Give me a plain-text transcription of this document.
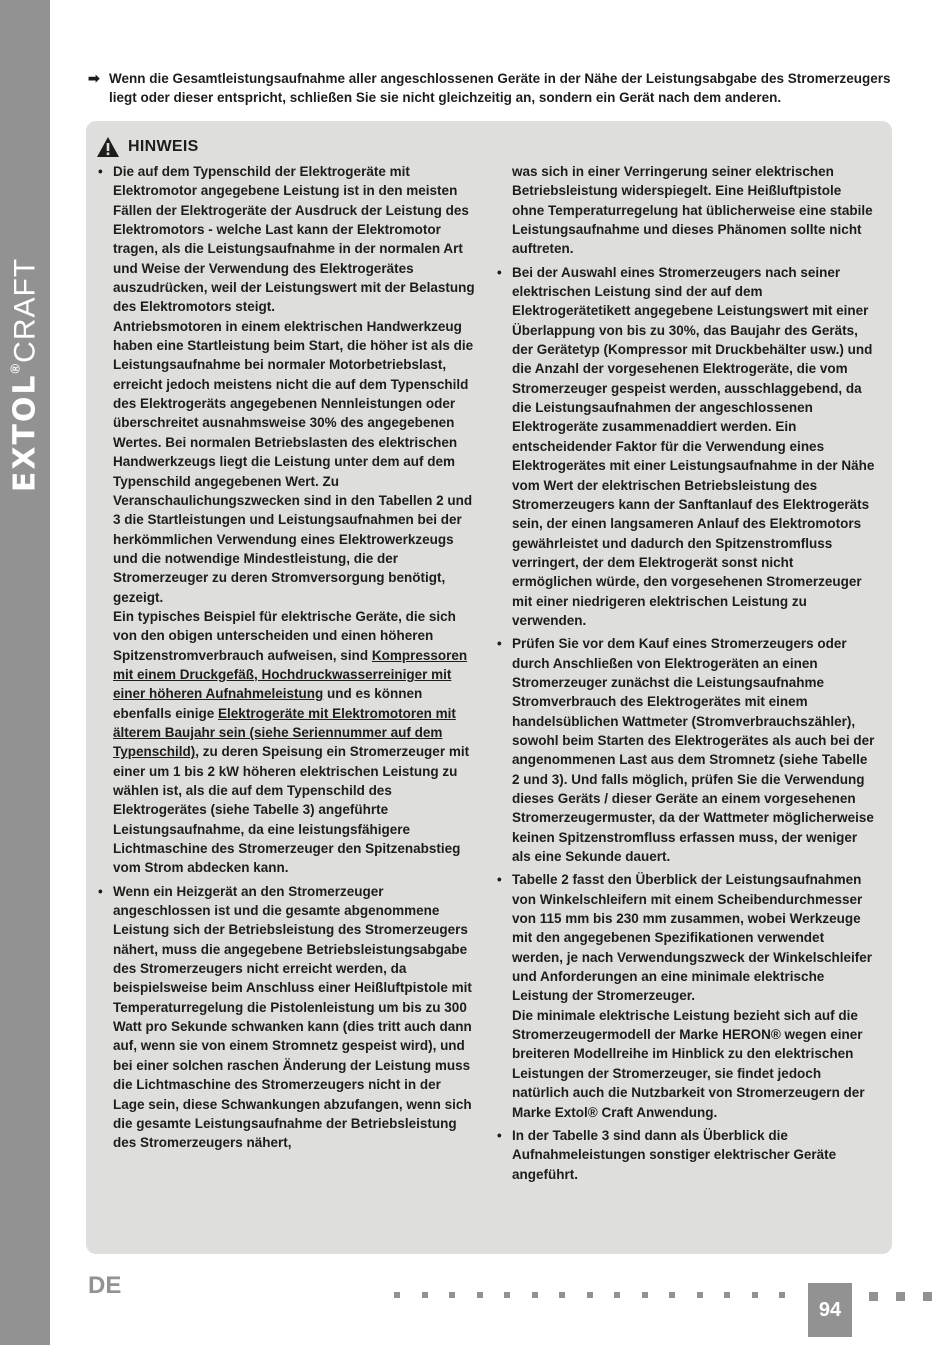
EXTOL®CRAFT
➡ Wenn die Gesamtleistungsaufnahme aller angeschlossenen Geräte in der Nähe der Leistungsabgabe des Stromerzeugers liegt oder dieser entspricht, schließen Sie sie nicht gleichzeitig an, sondern ein Gerät nach dem anderen.
HINWEIS

• Die auf dem Typenschild der Elektrogeräte mit Elektromotor angegebene Leistung ist in den meisten Fällen der Elektrogeräte der Ausdruck der Leistung des Elektromotors - welche Last kann der Elektromotor tragen, als die Leistungsaufnahme in der normalen Art und Weise der Verwendung des Elektrogerätes auszudrücken, weil der Leistungswert mit der Belastung des Elektromotors steigt.
Antriebsmotoren in einem elektrischen Handwerkzeug haben eine Startleistung beim Start, die höher ist als die Leistungsaufnahme bei normaler Motorbetriebslast, erreicht jedoch meistens nicht die auf dem Typenschild des Elektrogeräts angegebenen Nennleistungen oder überschreitet ausnahmsweise 30% des angegebenen Wertes. Bei normalen Betriebslasten des elektrischen Handwerkzeugs liegt die Leistung unter dem auf dem Typenschild angegebenen Wert. Zu Veranschaulichungszwecken sind in den Tabellen 2 und 3 die Startleistungen und Leistungsaufnahmen bei der herkömmlichen Verwendung eines Elektrowerkzeugs und die notwendige Mindestleistung, die der Stromerzeuger zu deren Stromversorgung benötigt, gezeigt.
Ein typisches Beispiel für elektrische Geräte, die sich von den obigen unterscheiden und einen höheren Spitzenstromverbrauch aufweisen, sind Kompressoren mit einem Druckgefäß, Hochdruckwasserreiniger mit einer höheren Aufnahmeleistung und es können ebenfalls einige Elektrogeräte mit Elektromotoren mit älterem Baujahr sein (siehe Seriennummer auf dem Typenschild), zu deren Speisung ein Stromerzeuger mit einer um 1 bis 2 kW höheren elektrischen Leistung zu wählen ist, als die auf dem Typenschild des Elektrogerätes (siehe Tabelle 3) angeführte Leistungsaufnahme, da eine leistungsfähigere Lichtmaschine des Stromerzeuger den Spitzenabstieg vom Strom abdecken kann.

• Wenn ein Heizgerät an den Stromerzeuger angeschlossen ist und die gesamte abgenommene Leistung sich der Betriebsleistung des Stromerzeugers nähert, muss die angegebene Betriebsleistungsabgabe des Stromerzeugers nicht erreicht werden, da beispielsweise beim Anschluss einer Heißluftpistole mit Temperaturregelung die Pistolenleistung um bis zu 300 Watt pro Sekunde schwanken kann (dies tritt auch dann auf, wenn sie von einem Stromnetz gespeist wird), und bei einer solchen raschen Änderung der Leistung muss die Lichtmaschine des Stromerzeugers nicht in der Lage sein, diese Schwankungen abzufangen, wenn sich die gesamte Leistungsaufnahme der Betriebsleistung des Stromerzeugers nähert,

was sich in einer Verringerung seiner elektrischen Betriebsleistung widerspiegelt. Eine Heißluftpistole ohne Temperaturregelung hat üblicherweise eine stabile Leistungsaufnahme und dieses Phänomen sollte nicht auftreten.

• Bei der Auswahl eines Stromerzeugers nach seiner elektrischen Leistung sind der auf dem Elektrogerätetikett angegebene Leistungswert mit einer Überlappung von bis zu 30%, das Baujahr des Geräts, der Gerätetyp (Kompressor mit Druckbehälter usw.) und die Anzahl der vorgesehenen Elektrogeräte, die vom Stromerzeuger gespeist werden, ausschlaggebend, da die Leistungsaufnahmen der angeschlossenen Elektrogeräte zusammenaddiert werden. Ein entscheidender Faktor für die Verwendung eines Elektrogerätes mit einer Leistungsaufnahme in der Nähe vom Wert der elektrischen Betriebsleistung des Stromerzeugers kann der Sanftanlauf des Elektrogeräts sein, der einen langsameren Anlauf des Elektromotors gewährleistet und dadurch den Spitzenstromfluss verringert, der dem Elektrogerät sonst nicht ermöglichen würde, den vorgesehenen Stromerzeuger mit einer niedrigeren elektrischen Leistung zu verwenden.

• Prüfen Sie vor dem Kauf eines Stromerzeugers oder durch Anschließen von Elektrogeräten an einen Stromerzeuger zunächst die Leistungsaufnahme Stromverbrauch des Elektrogerätes mit einem handelsüblichen Wattmeter (Stromverbrauchszähler), sowohl beim Starten des Elektrogerätes als auch bei der angenommenen Last aus dem Stromnetz (siehe Tabelle 2 und 3). Und falls möglich, prüfen Sie die Verwendung dieses Geräts / dieser Geräte an einem vorgesehenen Stromerzeugermuster, da der Wattmeter möglicherweise keinen Spitzenstromfluss erfassen muss, der weniger als eine Sekunde dauert.

• Tabelle 2 fasst den Überblick der Leistungsaufnahmen von Winkelschleifern mit einem Scheibendurchmesser von 115 mm bis 230 mm zusammen, wobei Werkzeuge mit den angegebenen Spezifikationen verwendet werden, je nach Verwendungszweck der Winkelschleifer und Anforderungen an eine minimale elektrische Leistung der Stromerzeuger.
Die minimale elektrische Leistung bezieht sich auf die Stromerzeugermodell der Marke HERON® wegen einer breiteren Modellreihe im Hinblick zu den elektrischen Leistungen der Stromerzeuger, sie findet jedoch natürlich auch die Nutzbarkeit von Stromerzeugern der Marke Extol® Craft Anwendung.

• In der Tabelle 3 sind dann als Überblick die Aufnahmeleistungen sonstiger elektrischer Geräte angeführt.

DE
94
